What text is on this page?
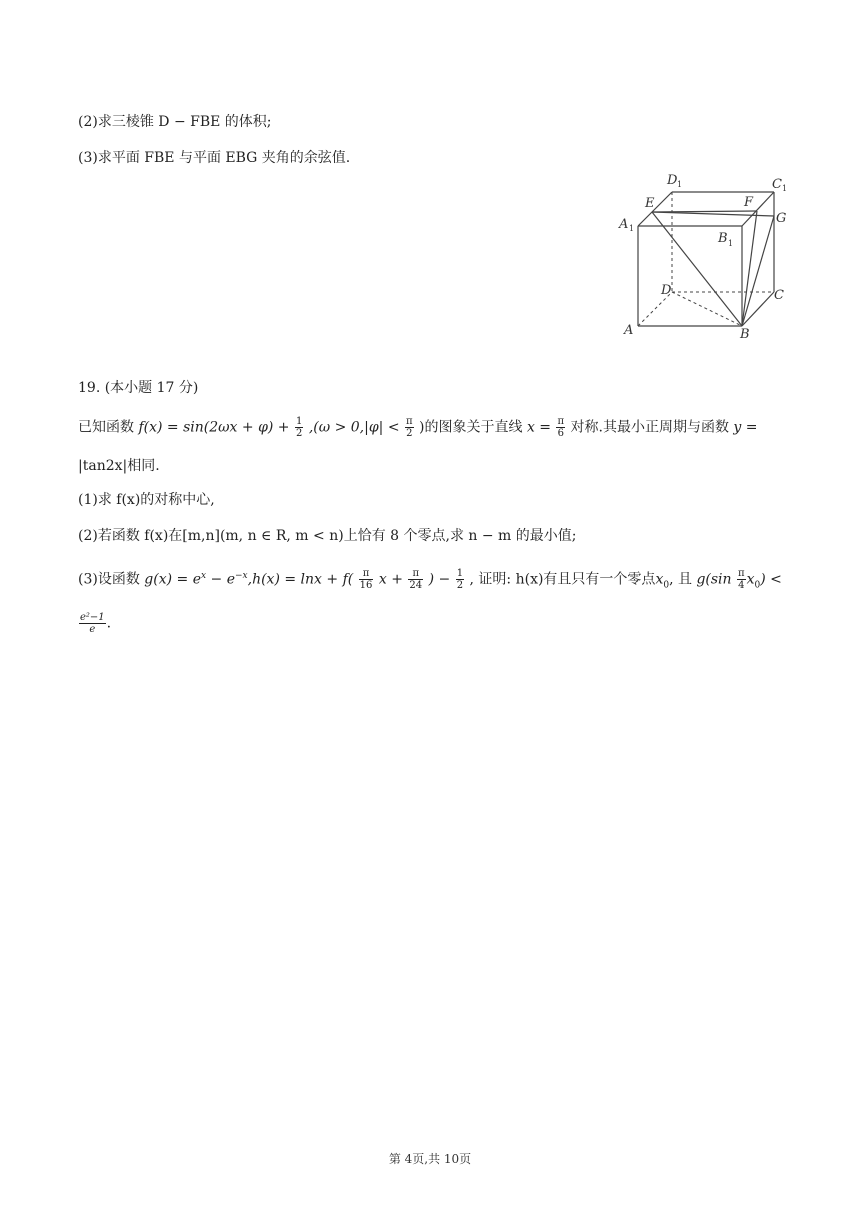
(2)求三棱锥 D − FBE 的体积;
(3)求平面 FBE 与平面 EBG 夹角的余弦值.
D 1	C 1
E	F
G
A 1
B 1
D	C
A	B
19. (本小题 17 分)
已知函数 $f(x) = \sin(2\omega x + \varphi) + \frac{1}{2} ,(\omega > 0,|\varphi| < \frac{\pi}{2}$ )的图象关于直线 $x = \frac{\pi}{6}$ 对称.其最小正周期与函数 y =
|tan2x|相同.
(1)求 f(x)的对称中心,
(2)若函数 f(x)在[m,n](m, n ∈ R, m < n)上恰有 8 个零点,求 n − m 的最小值;
(3)设函数 $g(x) = e^x - e^{-x},h(x) = \ln x + f( \frac{\pi}{16}$ $x + \frac{\pi}{24}$ ) − $\frac{1}{2}$ , 证明: h(x)有且只有一个零点$x_0$, 且 $g(\sin \frac{\pi}{4} x_0)$ <
$\frac{\text{e²−1}}{e}$ .
第 4页,共 10页
